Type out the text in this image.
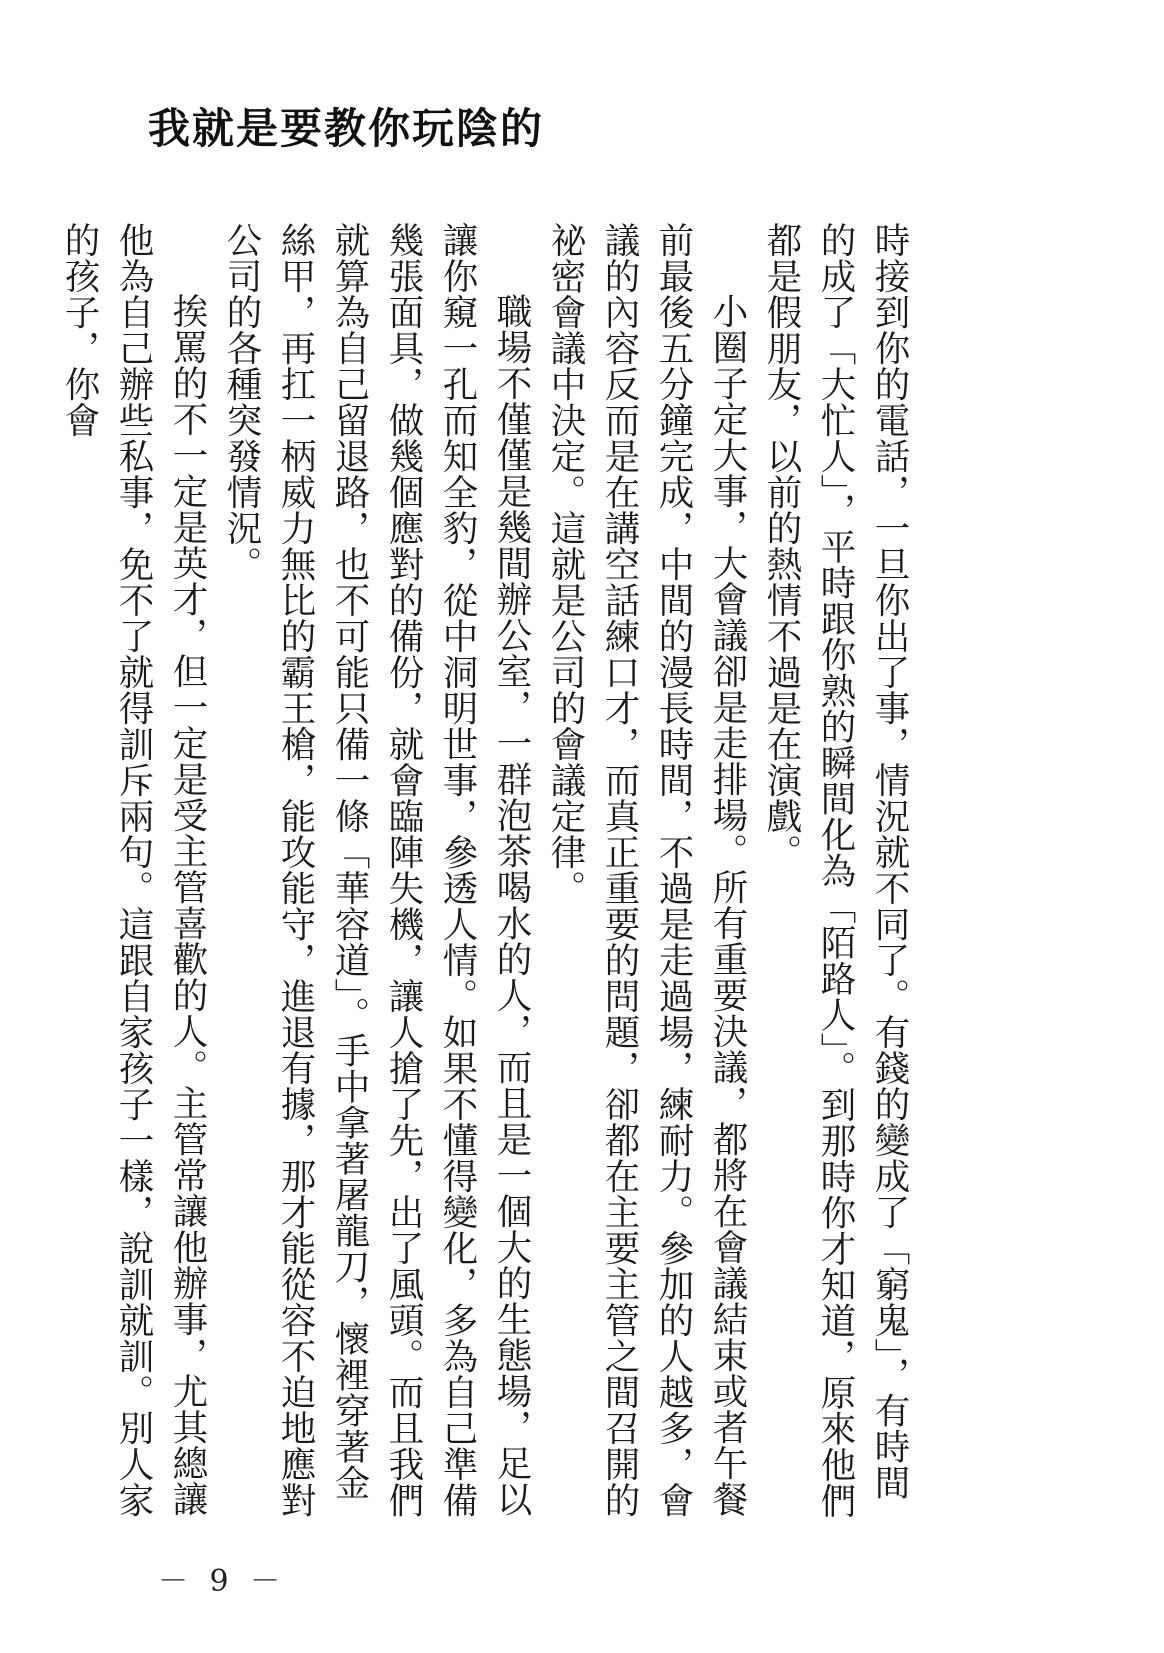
我就是要教你玩陰的

時接到你的電話，一旦你出了事，情況就不同了。有錢的變成了「窮鬼」，有時間的成了「大忙人」，平時跟你熟的瞬間化為「陌路人」。到那時你才知道，原來他們都是假朋友，以前的熱情不過是在演戲。

小圈子定大事，大會議卻是走排場。所有重要決議，都將在會議結束或者午餐前最後五分鐘完成，中間的漫長時間，不過是走過場，練耐力。參加的人越多，會議的內容反而是在講空話練口才，而真正重要的問題，卻都在主要主管之間召開的祕密會議中決定。這就是公司的會議定律。

職場不僅僅是幾間辦公室，一群泡茶喝水的人，而且是一個大的生態場，足以讓你窺一孔而知全豹，從中洞明世事，參透人情。如果不懂得變化，多為自己準備幾張面具，做幾個應對的備份，就會臨陣失機，讓人搶了先，出了風頭。而且我們就算為自己留退路，也不可能只備一條「華容道」。手中拿著屠龍刀，懷裡穿著金絲甲，再扛一柄威力無比的霸王槍，能攻能守，進退有據，那才能從容不迫地應對公司的各種突發情況。

挨罵的不一定是英才，但一定是受主管喜歡的人。主管常讓他辦事，尤其總讓他為自己辦些私事，免不了就得訓斥兩句。這跟自家孩子一樣，說訓就訓。別人家的孩子，你會

－ 9 －
